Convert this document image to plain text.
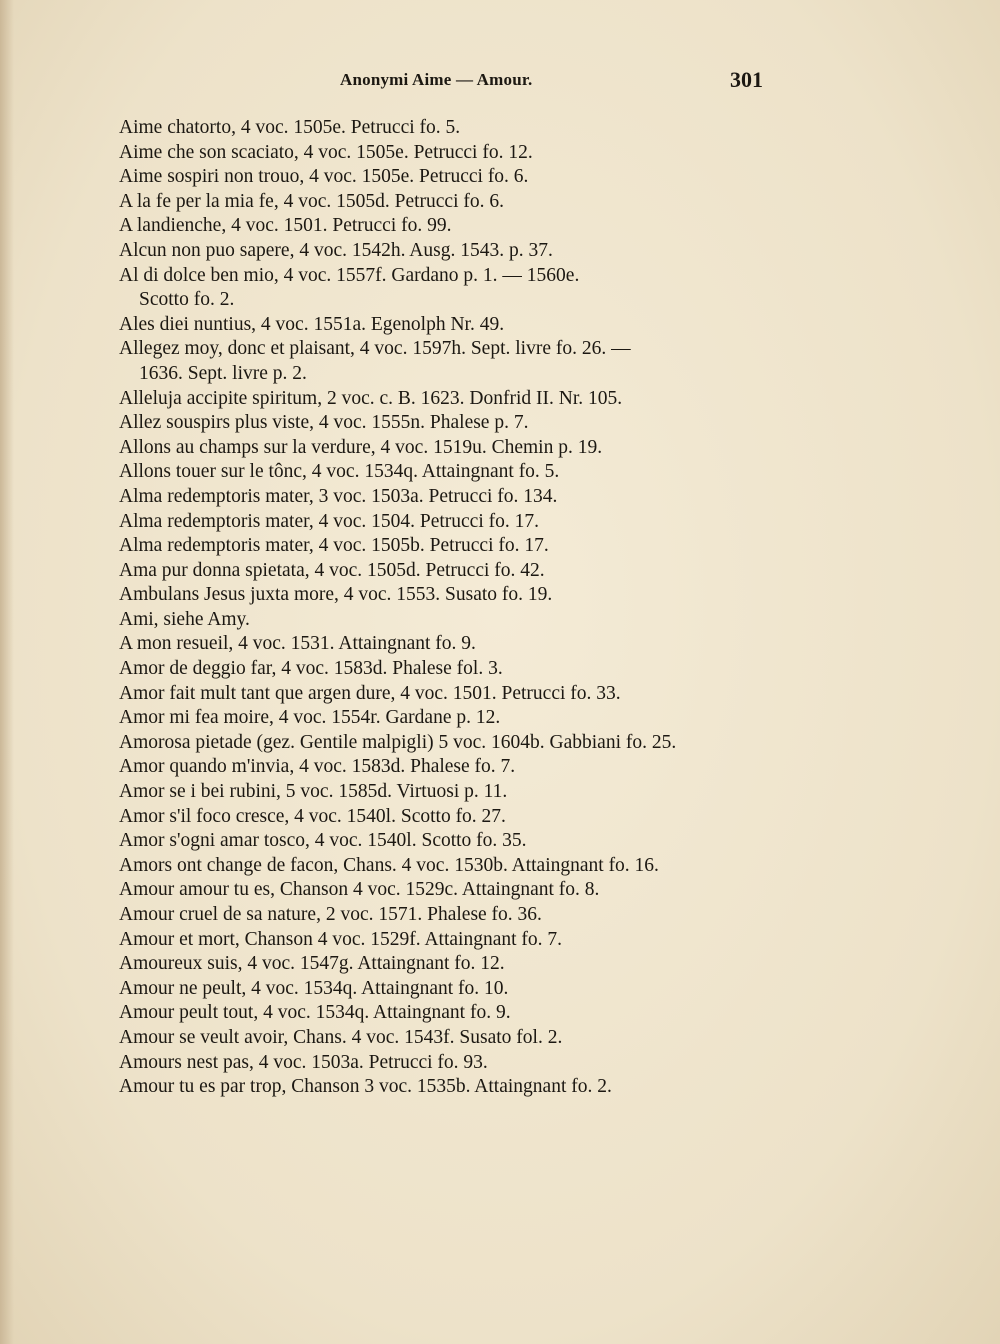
Anonymi Aime — Amour.	301
Aime chatorto, 4 voc. 1505e. Petrucci fo. 5.
Aime che son scaciato, 4 voc. 1505e. Petrucci fo. 12.
Aime sospiri non trouo, 4 voc. 1505e. Petrucci fo. 6.
A la fe per la mia fe, 4 voc. 1505d. Petrucci fo. 6.
A landienche, 4 voc. 1501. Petrucci fo. 99.
Alcun non puo sapere, 4 voc. 1542h. Ausg. 1543. p. 37.
Al di dolce ben mio, 4 voc. 1557f. Gardano p. 1. — 1560e.
Scotto fo. 2.
Ales diei nuntius, 4 voc. 1551a. Egenolph Nr. 49.
Allegez moy, donc et plaisant, 4 voc. 1597h. Sept. livre fo. 26. —
1636. Sept. livre p. 2.
Alleluja accipite spiritum, 2 voc. c. B. 1623. Donfrid II. Nr. 105.
Allez souspirs plus viste, 4 voc. 1555n. Phalese p. 7.
Allons au champs sur la verdure, 4 voc. 1519u. Chemin p. 19.
Allons touer sur le tônc, 4 voc. 1534q. Attaingnant fo. 5.
Alma redemptoris mater, 3 voc. 1503a. Petrucci fo. 134.
Alma redemptoris mater, 4 voc. 1504. Petrucci fo. 17.
Alma redemptoris mater, 4 voc. 1505b. Petrucci fo. 17.
Ama pur donna spietata, 4 voc. 1505d. Petrucci fo. 42.
Ambulans Jesus juxta more, 4 voc. 1553. Susato fo. 19.
Ami, siehe Amy.
A mon resueil, 4 voc. 1531. Attaingnant fo. 9.
Amor de deggio far, 4 voc. 1583d. Phalese fol. 3.
Amor fait mult tant que argen dure, 4 voc. 1501. Petrucci fo. 33.
Amor mi fea moire, 4 voc. 1554r. Gardane p. 12.
Amorosa pietade (gez. Gentile malpigli) 5 voc. 1604b. Gabbiani fo. 25.
Amor quando m'invia, 4 voc. 1583d. Phalese fo. 7.
Amor se i bei rubini, 5 voc. 1585d. Virtuosi p. 11.
Amor s'il foco cresce, 4 voc. 1540l. Scotto fo. 27.
Amor s'ogni amar tosco, 4 voc. 1540l. Scotto fo. 35.
Amors ont change de facon, Chans. 4 voc. 1530b. Attaingnant fo. 16.
Amour amour tu es, Chanson 4 voc. 1529c. Attaingnant fo. 8.
Amour cruel de sa nature, 2 voc. 1571. Phalese fo. 36.
Amour et mort, Chanson 4 voc. 1529f. Attaingnant fo. 7.
Amoureux suis, 4 voc. 1547g. Attaingnant fo. 12.
Amour ne peult, 4 voc. 1534q. Attaingnant fo. 10.
Amour peult tout, 4 voc. 1534q. Attaingnant fo. 9.
Amour se veult avoir, Chans. 4 voc. 1543f. Susato fol. 2.
Amours nest pas, 4 voc. 1503a. Petrucci fo. 93.
Amour tu es par trop, Chanson 3 voc. 1535b. Attaingnant fo. 2.
